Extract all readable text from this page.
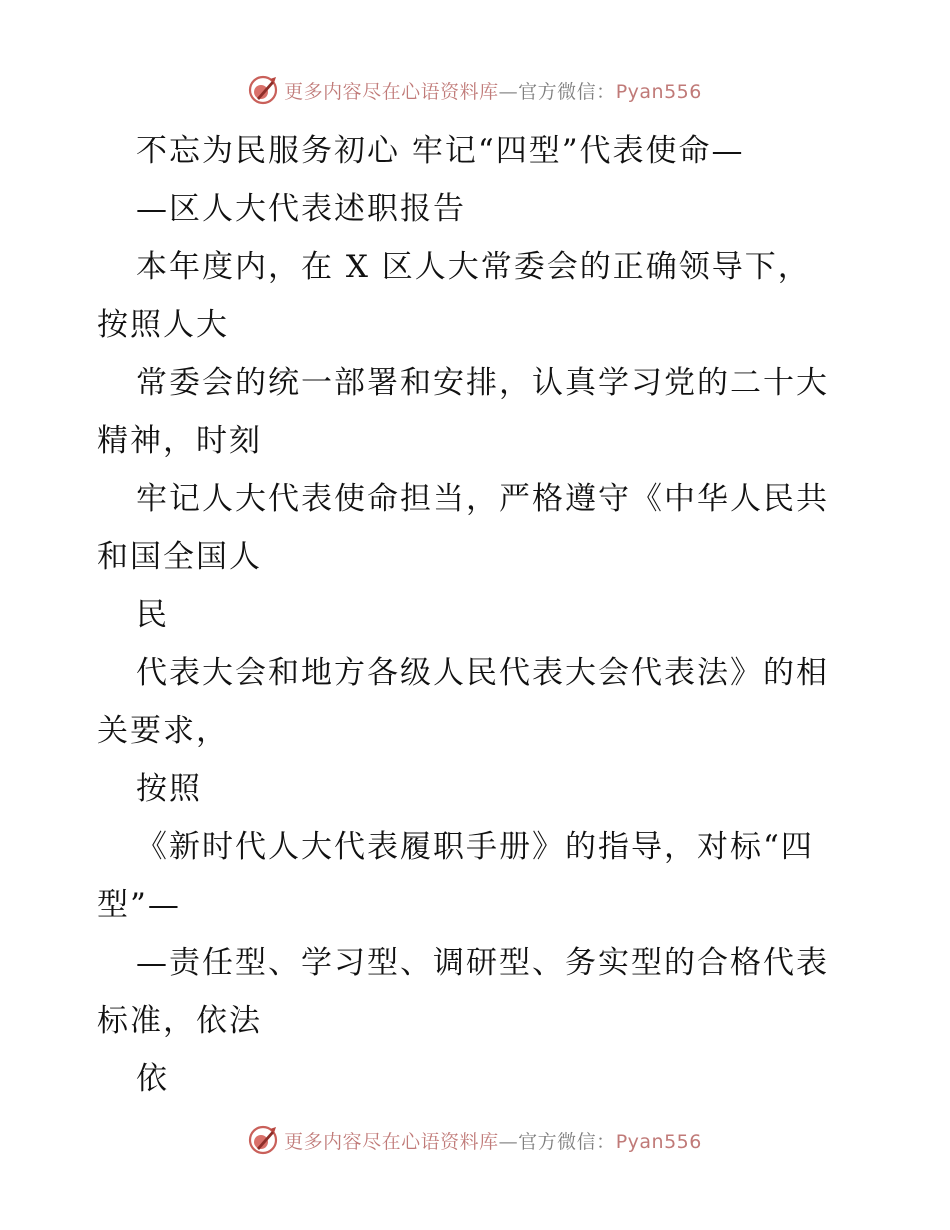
更多内容尽在心语资料库—官方微信：Pyan556
不忘为民服务初心 牢记“四型”代表使命—
—区人大代表述职报告
本年度内，在 X 区人大常委会的正确领导下，
按照人大
常委会的统一部署和安排，认真学习党的二十大
精神，时刻
牢记人大代表使命担当，严格遵守《中华人民共
和国全国人
民
代表大会和地方各级人民代表大会代表法》的相
关要求，
按照
《新时代人大代表履职手册》的指导，对标“四
型”—
—责任型、学习型、调研型、务实型的合格代表
标准，依法
依
更多内容尽在心语资料库—官方微信：Pyan556
